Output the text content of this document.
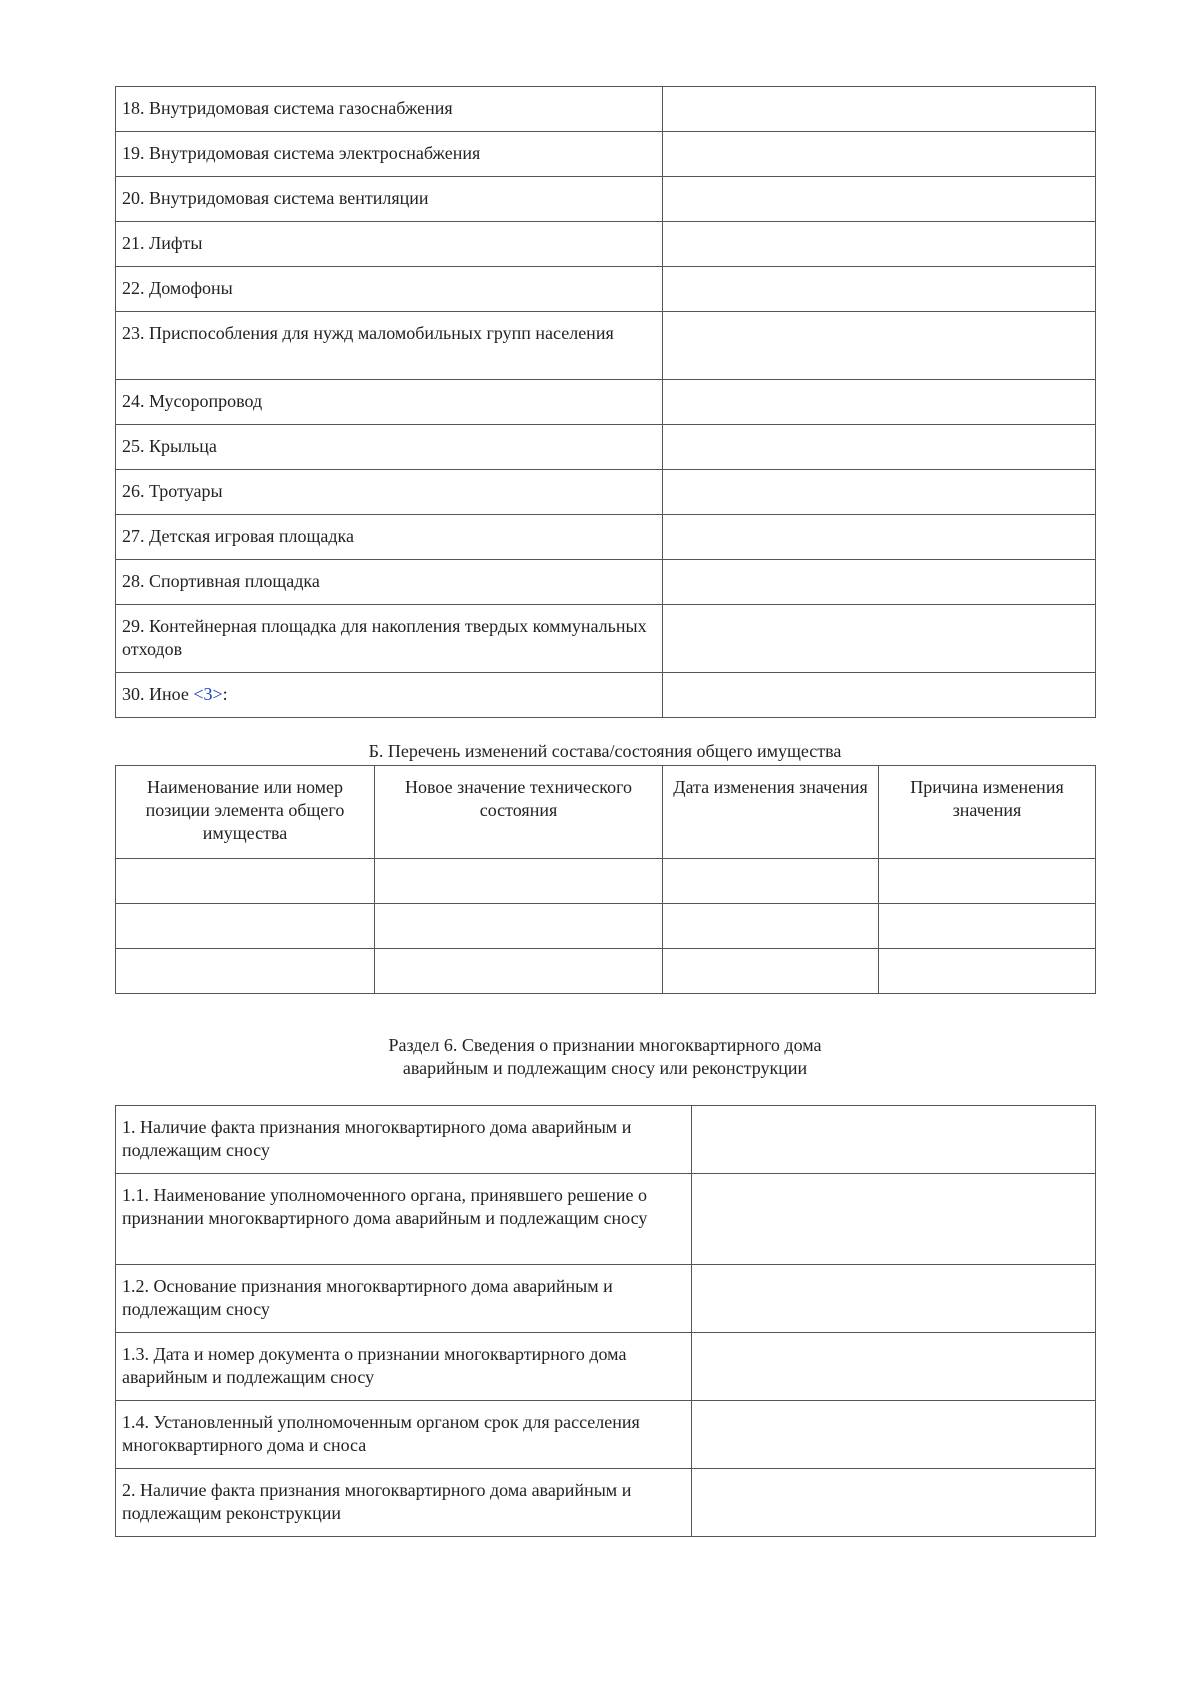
18. Внутридомовая система газоснабжения	
19. Внутридомовая система электроснабжения	
20. Внутридомовая система вентиляции	
21. Лифты	
22. Домофоны	
23. Приспособления для нужд маломобильных групп населения	
24. Мусоропровод	
25. Крыльца	
26. Тротуары	
27. Детская игровая площадка	
28. Спортивная площадка	
29. Контейнерная площадка для накопления твердых коммунальных отходов	
30. Иное <3>:	
Б. Перечень изменений состава/состояния общего имущества
Наименование или номер позиции элемента общего имущества	Новое значение технического состояния	Дата изменения значения	Причина изменения значения

Раздел 6. Сведения о признании многоквартирного дома
аварийным и подлежащим сносу или реконструкции
1. Наличие факта признания многоквартирного дома аварийным и подлежащим сносу	
1.1. Наименование уполномоченного органа, принявшего решение о признании многоквартирного дома аварийным и подлежащим сносу	
1.2. Основание признания многоквартирного дома аварийным и подлежащим сносу	
1.3. Дата и номер документа о признании многоквартирного дома аварийным и подлежащим сносу	
1.4. Установленный уполномоченным органом срок для расселения многоквартирного дома и сноса	
2. Наличие факта признания многоквартирного дома аварийным и подлежащим реконструкции	
